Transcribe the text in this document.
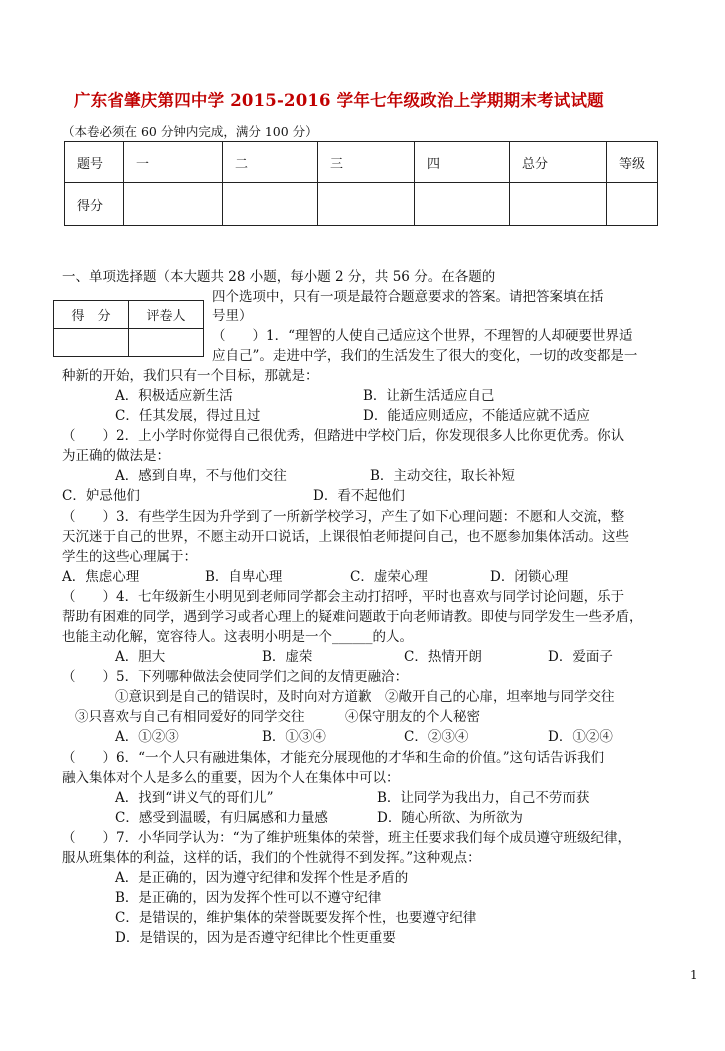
广东省肇庆第四中学 2015-2016 学年七年级政治上学期期末考试试题
（本卷必须在 60 分钟内完成，满分 100 分）
题号	一	二	三	四	总分	等级
得分						
一、单项选择题（本大题共 28 小题，每小题 2 分，共 56 分。在各题的
得　分	评卷人

四个选项中，只有一项是最符合题意要求的答案。请把答案填在括
号里）
（　　）1．“理智的人使自己适应这个世界，不理智的人却硬要世界适
应自己”。走进中学，我们的生活发生了很大的变化，一切的改变都是一
种新的开始，我们只有一个目标，那就是：
A．积极适应新生活	B．让新生活适应自己
C．任其发展，得过且过	D．能适应则适应，不能适应就不适应
（　　）2．上小学时你觉得自己很优秀，但踏进中学校门后，你发现很多人比你更优秀。你认
为正确的做法是：
A．感到自卑，不与他们交往	B．主动交往，取长补短
C．妒忌他们	D．看不起他们
（　　）3．有些学生因为升学到了一所新学校学习，产生了如下心理问题：不愿和人交流，整
天沉迷于自己的世界，不愿主动开口说话，上课很怕老师提问自己，也不愿参加集体活动。这些
学生的这些心理属于：
A．焦虑心理	B．自卑心理	C．虚荣心理	D．闭锁心理
（　　）4．七年级新生小明见到老师同学都会主动打招呼，平时也喜欢与同学讨论问题，乐于
帮助有困难的同学，遇到学习或者心理上的疑难问题敢于向老师请教。即使与同学发生一些矛盾，
也能主动化解，宽容待人。这表明小明是一个______的人。
A．胆大	B．虚荣	C．热情开朗	D．爱面子
（　　）5．下列哪种做法会使同学们之间的友情更融洽：
①意识到是自己的错误时，及时向对方道歉　②敞开自己的心扉，坦率地与同学交往
③只喜欢与自己有相同爱好的同学交往　　　④保守朋友的个人秘密
A．①②③	B．①③④	C．②③④	D．①②④
（　　）6．“一个人只有融进集体，才能充分展现他的才华和生命的价值。”这句话告诉我们
融入集体对个人是多么的重要，因为个人在集体中可以：
A．找到“讲义气的哥们儿”	B．让同学为我出力，自己不劳而获
C．感受到温暖，有归属感和力量感	D．随心所欲、为所欲为
（　　）7．小华同学认为：“为了维护班集体的荣誉，班主任要求我们每个成员遵守班级纪律，
服从班集体的利益，这样的话，我们的个性就得不到发挥。”这种观点：
A．是正确的，因为遵守纪律和发挥个性是矛盾的
B．是正确的，因为发挥个性可以不遵守纪律
C．是错误的，维护集体的荣誉既要发挥个性，也要遵守纪律
D．是错误的，因为是否遵守纪律比个性更重要
1
